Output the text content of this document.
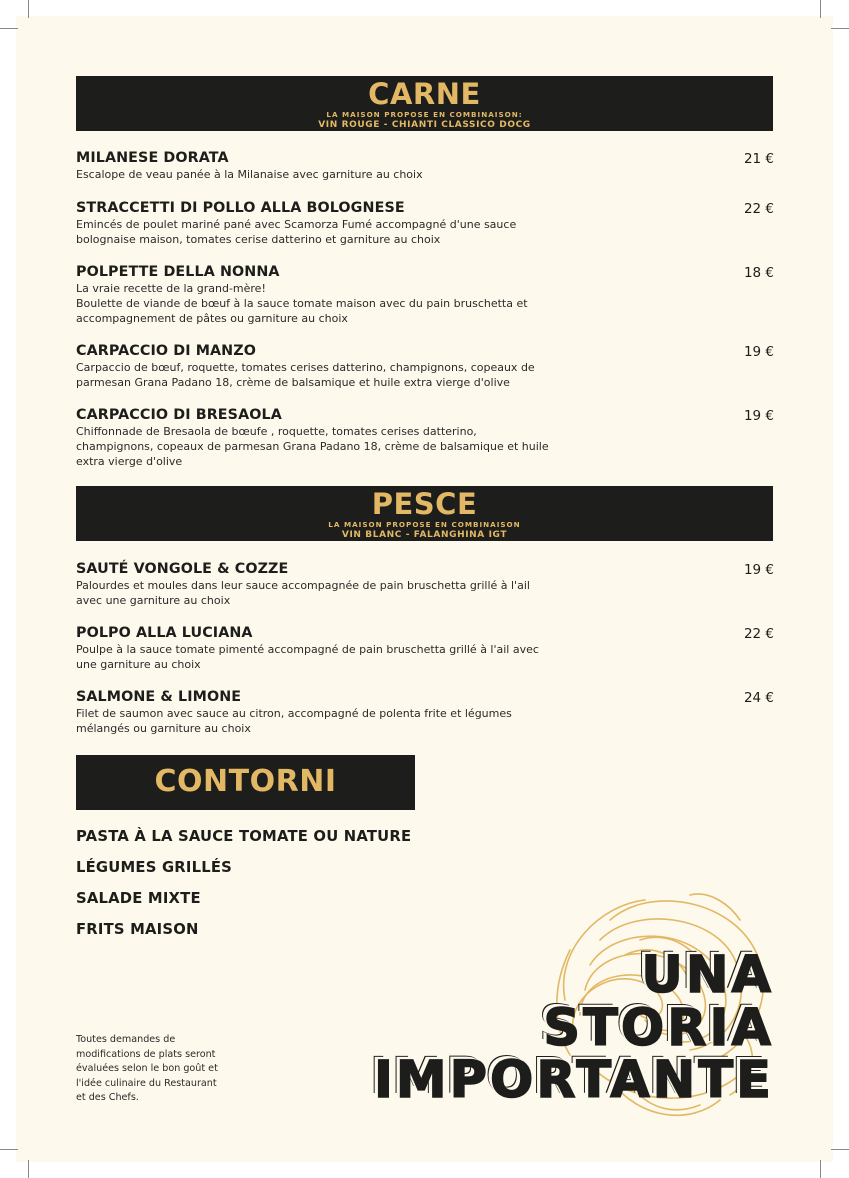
CARNE
LA MAISON PROPOSE EN COMBINAISON:
VIN ROUGE - CHIANTI CLASSICO DOCG
MILANESE DORATA
Escalope de veau panée à la Milanaise avec garniture au choix
21 €
STRACCETTI DI POLLO ALLA BOLOGNESE
Emincés de poulet mariné pané avec Scamorza Fumé accompagné d'une sauce
bolognaise maison, tomates cerise datterino et garniture au choix
22 €
POLPETTE DELLA NONNA
La vraie recette de la grand-mère!
Boulette de viande de bœuf à la sauce tomate maison avec du pain bruschetta et
accompagnement de pâtes ou garniture au choix
18 €
CARPACCIO DI MANZO
Carpaccio de bœuf, roquette, tomates cerises datterino, champignons, copeaux de
parmesan Grana Padano 18, crème de balsamique et huile extra vierge d'olive
19 €
CARPACCIO DI BRESAOLA
Chiffonnade de Bresaola de bœufe , roquette, tomates cerises datterino,
champignons, copeaux de parmesan Grana Padano 18, crème de balsamique et huile
extra vierge d'olive
19 €
PESCE
LA MAISON PROPOSE EN COMBINAISON
VIN BLANC - FALANGHINA IGT
SAUTÉ VONGOLE & COZZE
Palourdes et moules dans leur sauce accompagnée de pain bruschetta grillé à l'ail
avec une garniture au choix
19 €
POLPO ALLA LUCIANA
Poulpe à la sauce tomate pimenté accompagné de pain bruschetta grillé à l'ail avec
une garniture au choix
22 €
SALMONE & LIMONE
Filet de saumon avec sauce au citron, accompagné de polenta frite et légumes
mélangés ou garniture au choix
24 €
CONTORNI
PASTA À LA SAUCE TOMATE OU NATURE
LÉGUMES GRILLÉS
SALADE MIXTE
FRITS MAISON
Toutes demandes de
modifications de plats seront
évaluées selon le bon goût et
l'idée culinaire du Restaurant
et des Chefs.
UNA
STORIA
IMPORTANTE
